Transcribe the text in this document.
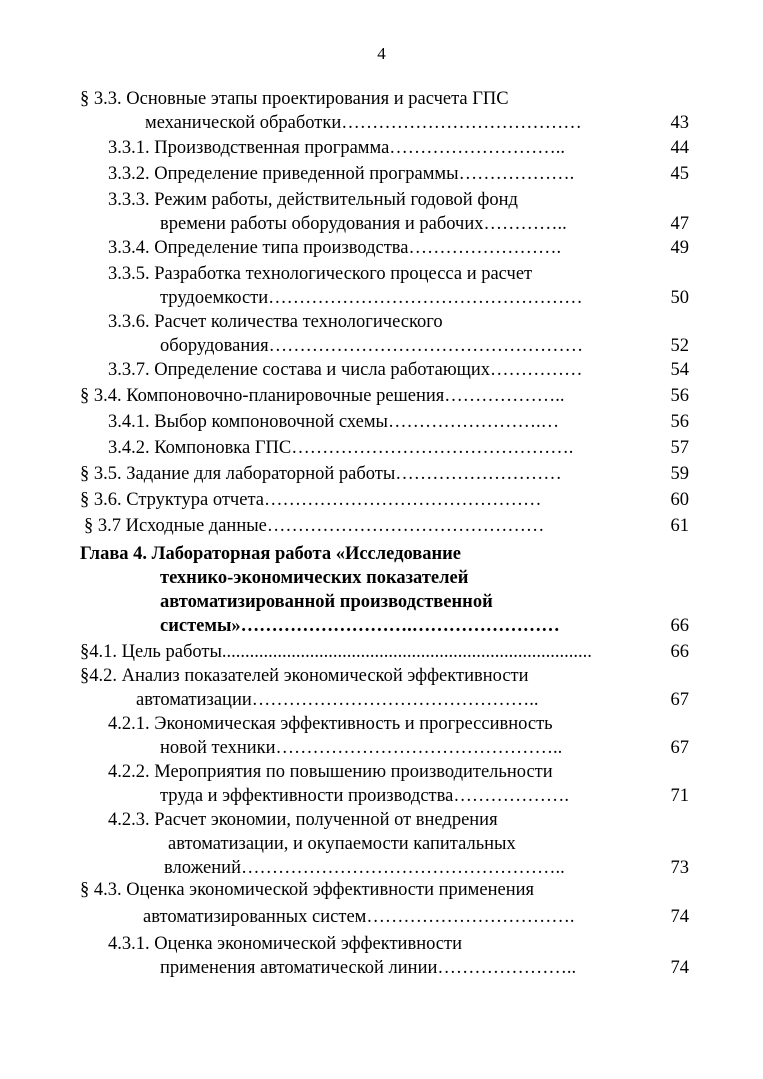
4
§ 3.3. Основные этапы проектирования и расчета ГПС
механической обработки…………………………………	43
3.3.1. Производственная программа………………………..	44
3.3.2. Определение приведенной программы……………….	45
3.3.3. Режим работы, действительный годовой фонд
времени работы оборудования и рабочих…………..	47
3.3.4. Определение типа производства…………………….	49
3.3.5. Разработка технологического процесса и расчет
трудоемкости……………………………………………	50
3.3.6. Расчет количества технологического
оборудования……………………………………………	52
3.3.7. Определение состава и числа работающих……………	54
§ 3.4. Компоновочно-планировочные решения………………..	56
3.4.1. Выбор компоновочной схемы…………………….…	56
3.4.2. Компоновка ГПС……………………………………….	57
§ 3.5. Задание для лабораторной работы………………………	59
§ 3.6. Структура отчета………………………………………	60
§ 3.7 Исходные данные………………………………………	61
Глава 4. Лабораторная работа «Исследование
технико-экономических показателей
автоматизированной производственной
системы»……………………….……………………	66
§4.1. Цель работы................................................................................	66
§4.2. Анализ показателей экономической эффективности
автоматизации………………………………………..	67
4.2.1. Экономическая эффективность и прогрессивность
новой техники………………………………………..	67
4.2.2. Мероприятия по повышению производительности
труда и эффективности производства……………….	71
4.2.3. Расчет экономии, полученной от внедрения
автоматизации, и окупаемости капитальных
вложений……………………………………………..	73
§ 4.3. Оценка экономической эффективности применения
автоматизированных систем…………………………….	74
4.3.1. Оценка экономической эффективности
применения автоматической линии…………………..	74
